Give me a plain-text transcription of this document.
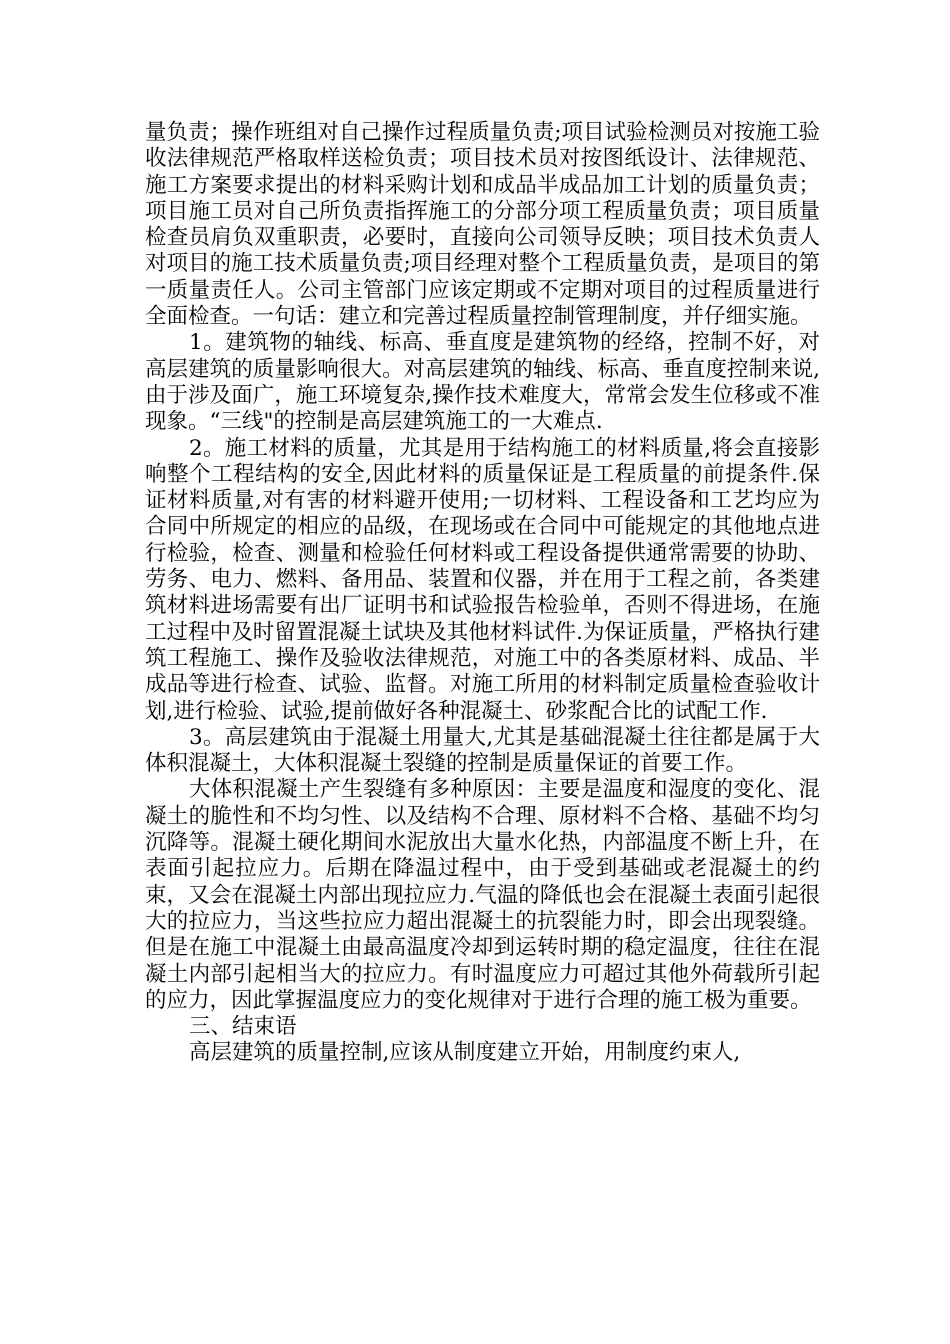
量负责；操作班组对自己操作过程质量负责;项目试验检测员对按施工验收法律规范严格取样送检负责；项目技术员对按图纸设计、法律规范、施工方案要求提出的材料采购计划和成品半成品加工计划的质量负责；项目施工员对自己所负责指挥施工的分部分项工程质量负责；项目质量检查员肩负双重职责，必要时，直接向公司领导反映；项目技术负责人对项目的施工技术质量负责;项目经理对整个工程质量负责，是项目的第一质量责任人。公司主管部门应该定期或不定期对项目的过程质量进行全面检查。一句话：建立和完善过程质量控制管理制度，并仔细实施。

1。建筑物的轴线、标高、垂直度是建筑物的经络，控制不好，对高层建筑的质量影响很大。对高层建筑的轴线、标高、垂直度控制来说,由于涉及面广，施工环境复杂,操作技术难度大，常常会发生位移或不准现象。“三线"的控制是高层建筑施工的一大难点.

2。施工材料的质量，尤其是用于结构施工的材料质量,将会直接影响整个工程结构的安全,因此材料的质量保证是工程质量的前提条件.保证材料质量,对有害的材料避开使用;一切材料、工程设备和工艺均应为合同中所规定的相应的品级，在现场或在合同中可能规定的其他地点进行检验，检查、测量和检验任何材料或工程设备提供通常需要的协助、劳务、电力、燃料、备用品、装置和仪器，并在用于工程之前，各类建筑材料进场需要有出厂证明书和试验报告检验单，否则不得进场，在施工过程中及时留置混凝土试块及其他材料试件.为保证质量，严格执行建筑工程施工、操作及验收法律规范，对施工中的各类原材料、成品、半成品等进行检查、试验、监督。对施工所用的材料制定质量检查验收计划,进行检验、试验,提前做好各种混凝土、砂浆配合比的试配工作.

3。高层建筑由于混凝土用量大,尤其是基础混凝土往往都是属于大体积混凝土，大体积混凝土裂缝的控制是质量保证的首要工作。

大体积混凝土产生裂缝有多种原因：主要是温度和湿度的变化、混凝土的脆性和不均匀性、以及结构不合理、原材料不合格、基础不均匀沉降等。混凝土硬化期间水泥放出大量水化热，内部温度不断上升，在表面引起拉应力。后期在降温过程中，由于受到基础或老混凝土的约束，又会在混凝土内部出现拉应力.气温的降低也会在混凝土表面引起很大的拉应力，当这些拉应力超出混凝土的抗裂能力时，即会出现裂缝。但是在施工中混凝土由最高温度冷却到运转时期的稳定温度，往往在混凝土内部引起相当大的拉应力。有时温度应力可超过其他外荷载所引起的应力，因此掌握温度应力的变化规律对于进行合理的施工极为重要。

三、结束语

高层建筑的质量控制,应该从制度建立开始，用制度约束人,
